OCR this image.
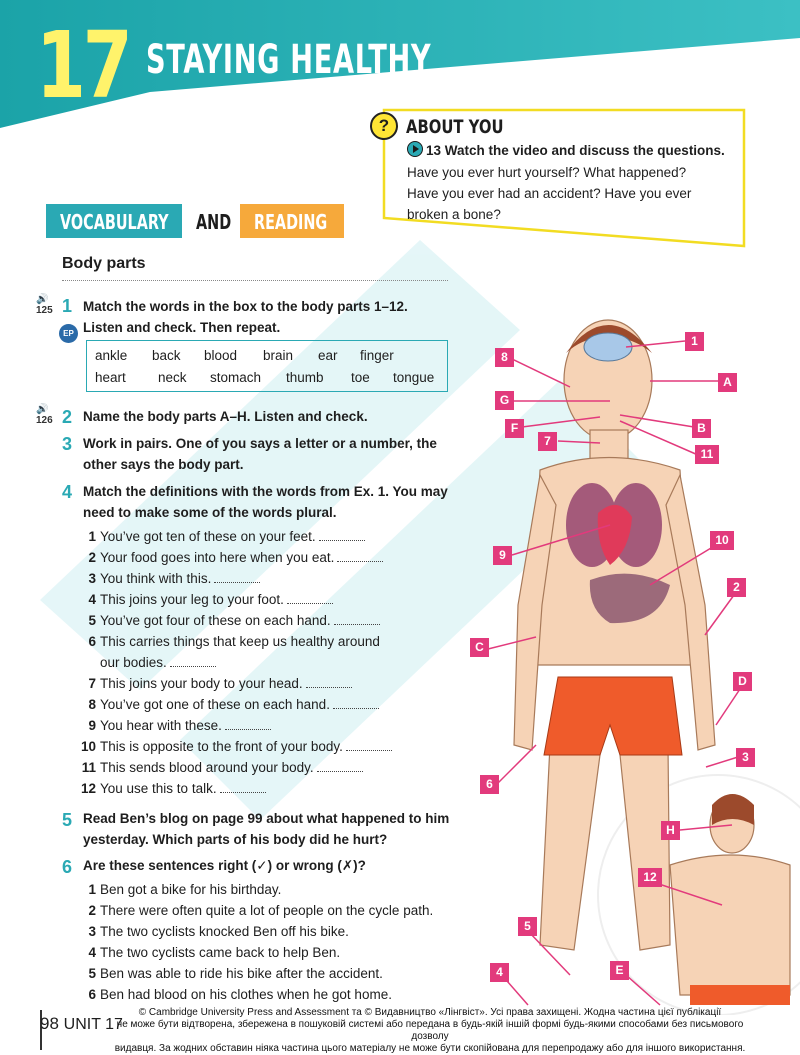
17 STAYING HEALTHY
? ABOUT YOU
13 Watch the video and discuss the questions.
Have you ever hurt yourself? What happened?
Have you ever had an accident? Have you ever
broken a bone?
VOCABULARY AND READING
Body parts
🔊
125 1 Match the words in the box to the body parts 1–12.
EP Listen and check. Then repeat.
ankle back blood brain ear finger
heart neck stomach thumb toe tongue
🔊
126 2 Name the body parts A–H. Listen and check.
3 Work in pairs. One of you says a letter or a number, the
other says the body part.
4 Match the definitions with the words from Ex. 1. You may
need to make some of the words plural.
1 You’ve got ten of these on your feet.
2 Your food goes into here when you eat.
3 You think with this.
4 This joins your leg to your foot.
5 You’ve got four of these on each hand.
6 This carries things that keep us healthy around
our bodies.
7 This joins your body to your head.
8 You’ve got one of these on each hand.
9 You hear with these.
10 This is opposite to the front of your body.
11 This sends blood around your body.
12 You use this to talk.
5 Read Ben’s blog on page 99 about what happened to him
yesterday. Which parts of his body did he hurt?
6 Are these sentences right (✓) or wrong (✗)?
1 Ben got a bike for his birthday.
2 There were often quite a lot of people on the cycle path.
3 The two cyclists knocked Ben off his bike.
4 The two cyclists came back to help Ben.
5 Ben was able to ride his bike after the accident.
6 Ben had blood on his clothes when he got home.
1
2
3
4
5
6
7
8
9
10
11
12
A
B
C
D
E
F
G
H
98 UNIT 17
© Cambridge University Press and Assessment та © Видавництво «Лінгвіст». Усі права захищені. Жодна частина цієї публікації
не може бути відтворена, збережена в пошуковій системі або передана в будь-якій іншій формі будь-якими способами без письмового дозволу
видавця. За жодних обставин ніяка частина цього матеріалу не може бути скопійована для перепродажу або для іншого використання.
